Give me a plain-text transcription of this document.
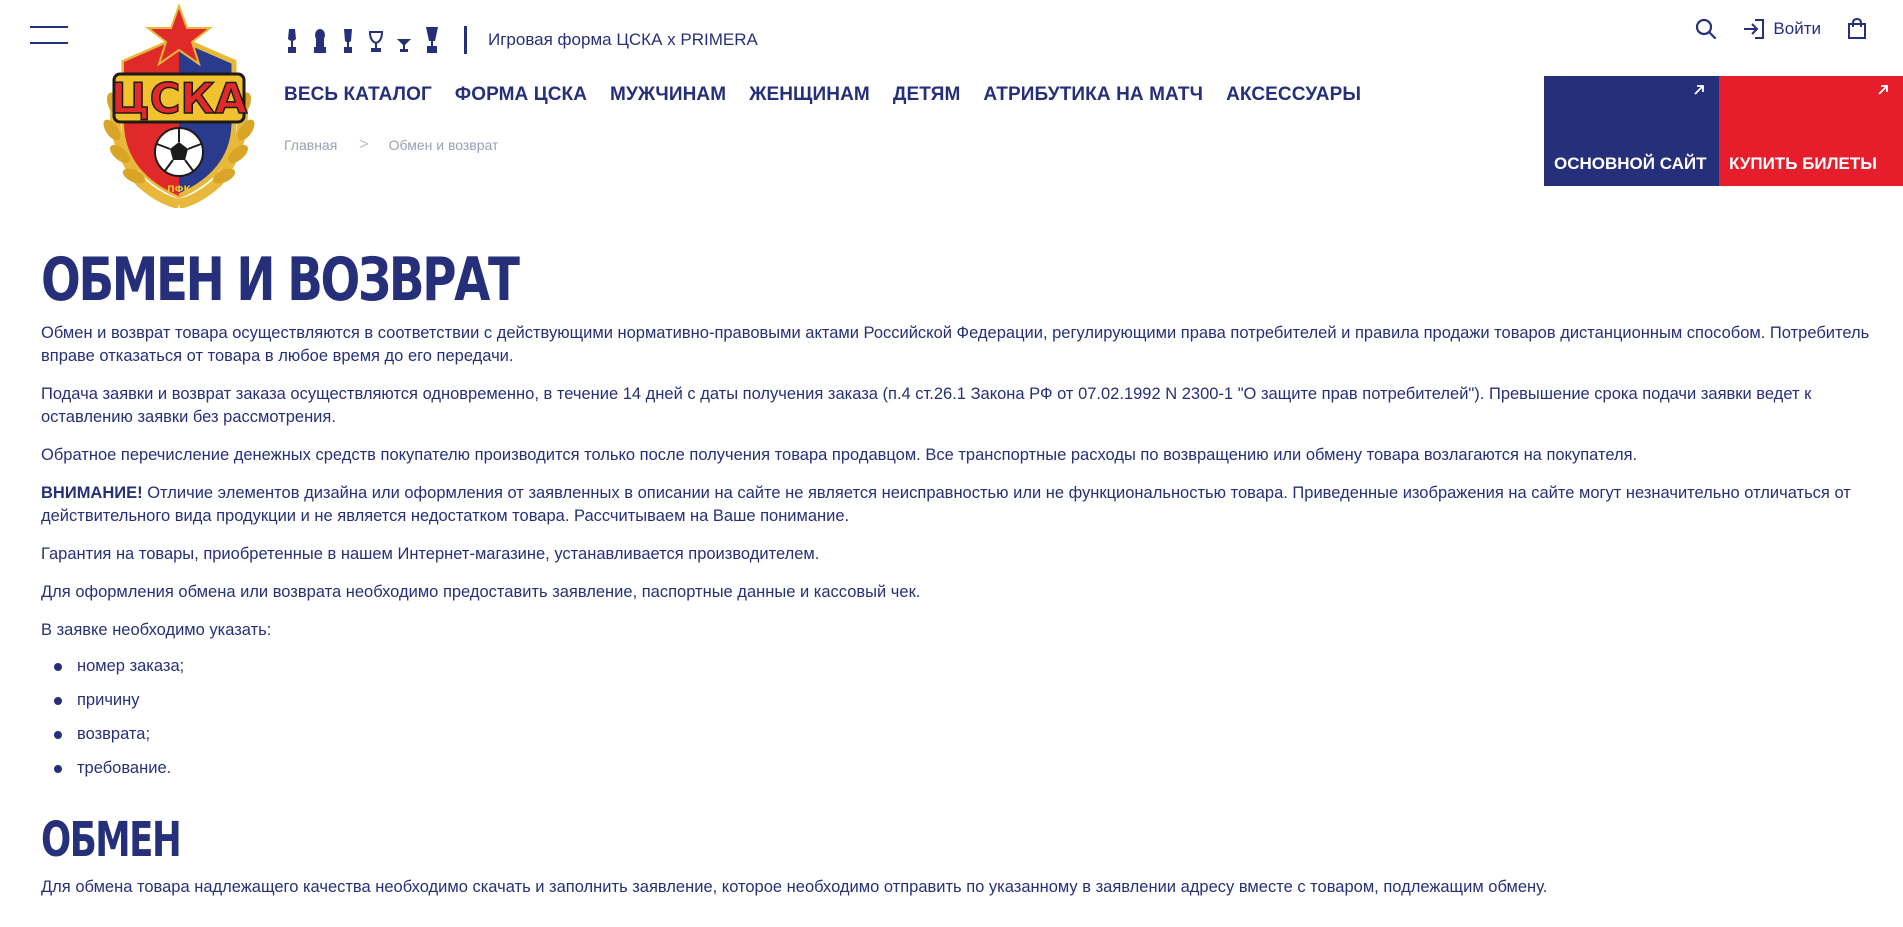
ЦСКА
ПФК
Игровая форма ЦСКА x PRIMERA
ВЕСЬ КАТАЛОГ ФОРМА ЦСКА МУЖЧИНАМ ЖЕНЩИНАМ ДЕТЯМ АТРИБУТИКА НА МАТЧ АКСЕССУАРЫ
Главная > Обмен и возврат
Войти
ОСНОВНОЙ САЙТ КУПИТЬ БИЛЕТЫ
ОБМЕН И ВОЗВРАТ

Обмен и возврат товара осуществляются в соответствии с действующими нормативно-правовыми актами Российской Федерации, регулирующими права потребителей и правила продажи товаров дистанционным способом. Потребитель вправе отказаться от товара в любое время до его передачи.

Подача заявки и возврат заказа осуществляются одновременно, в течение 14 дней с даты получения заказа (п.4 ст.26.1 Закона РФ от 07.02.1992 N 2300-1 "О защите прав потребителей"). Превышение срока подачи заявки ведет к оставлению заявки без рассмотрения.

Обратное перечисление денежных средств покупателю производится только после получения товара продавцом. Все транспортные расходы по возвращению или обмену товара возлагаются на покупателя.

ВНИМАНИЕ! Отличие элементов дизайна или оформления от заявленных в описании на сайте не является неисправностью или не функциональностью товара. Приведенные изображения на сайте могут незначительно отличаться от действительного вида продукции и не является недостатком товара. Рассчитываем на Ваше понимание.

Гарантия на товары, приобретенные в нашем Интернет-магазине, устанавливается производителем.

Для оформления обмена или возврата необходимо предоставить заявление, паспортные данные и кассовый чек.

В заявке необходимо указать:

номер заказа;
причину
возврата;
требование.
ОБМЕН

Для обмена товара надлежащего качества необходимо скачать и заполнить заявление, которое необходимо отправить по указанному в заявлении адресу вместе с товаром, подлежащим обмену.
